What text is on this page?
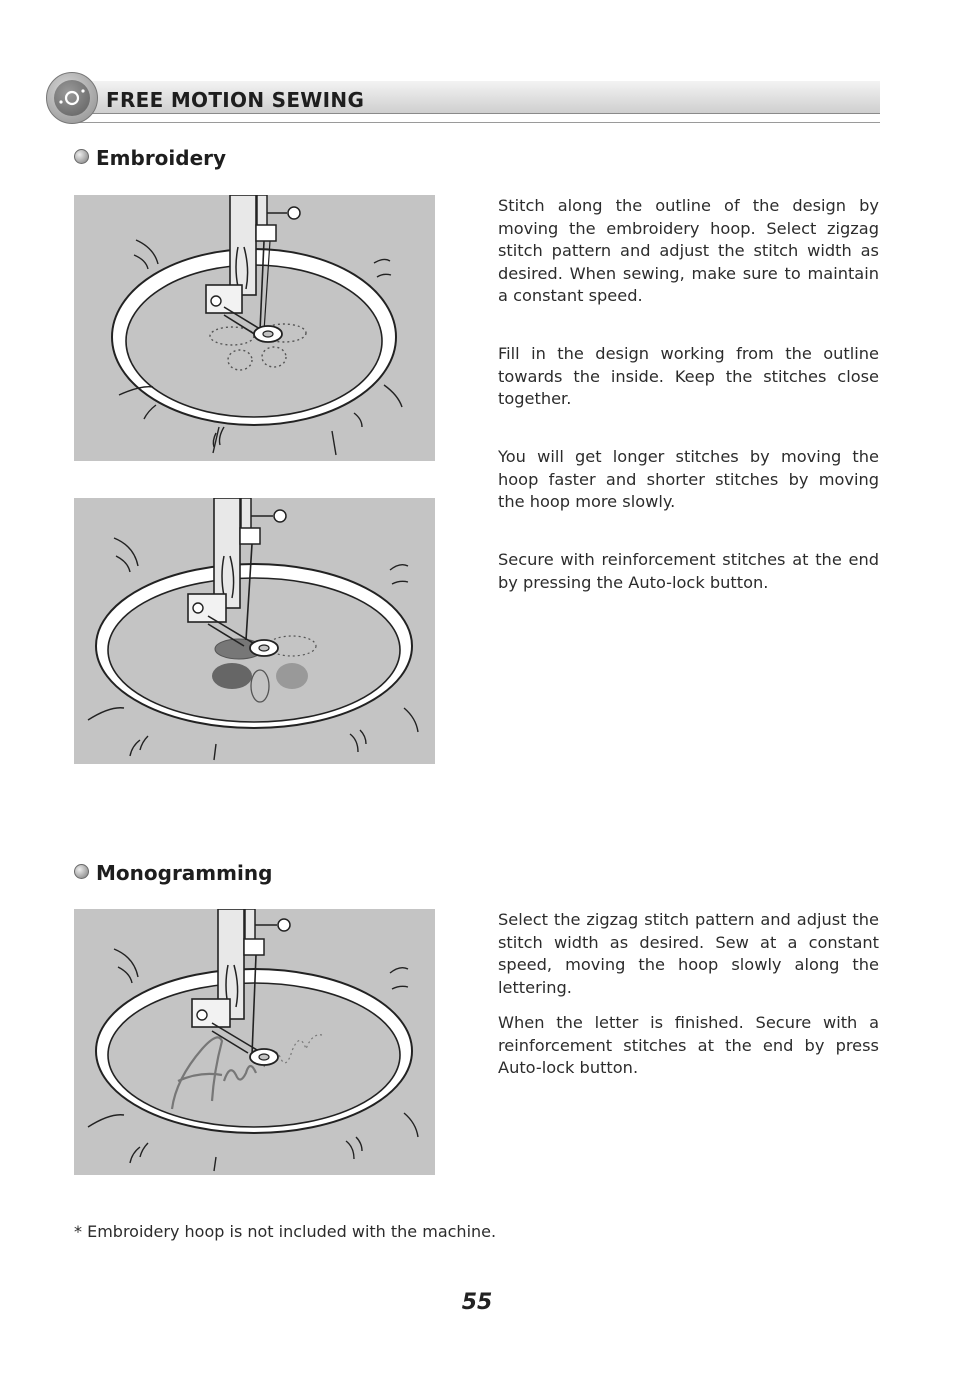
FREE MOTION SEWING
Embroidery

Stitch along the outline of the design by moving the embroidery hoop. Select zigzag stitch pattern and adjust the stitch width as desired. When sewing, make sure to maintain a constant speed.

Fill in the design working from the outline towards the inside. Keep the stitches close together.

You will get longer stitches by moving the hoop faster and shorter stitches by moving the hoop more slowly.

Secure with reinforcement stitches at the end by pressing the Auto-lock button.

Monogramming

Select the zigzag stitch pattern and adjust the stitch width as desired. Sew at a constant speed, moving the hoop slowly along the lettering.

When the letter is finished. Secure with a reinforcement stitches at the end by press Auto-lock button.

* Embroidery hoop is not included with the machine.
55
